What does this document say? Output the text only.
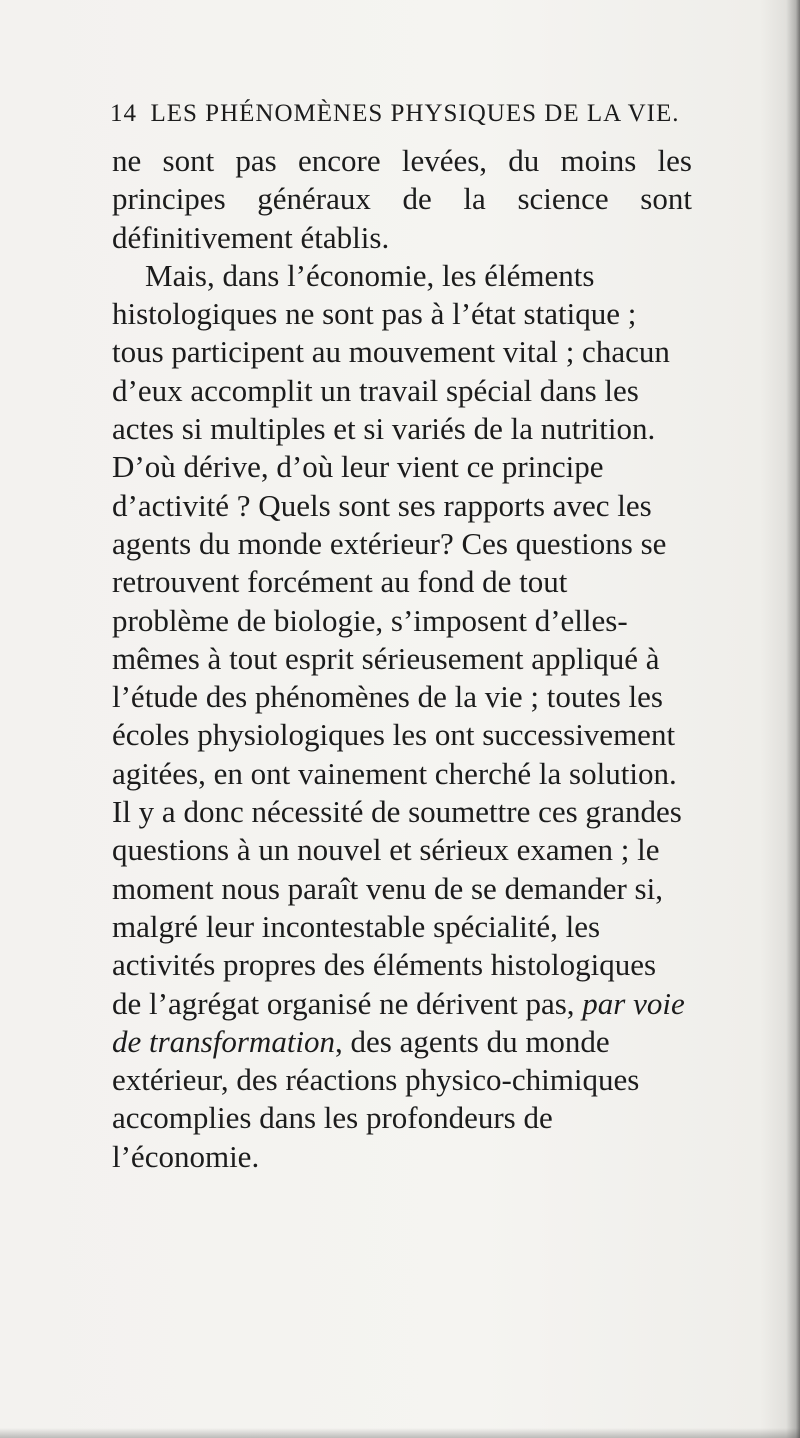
14 LES PHÉNOMÈNES PHYSIQUES DE LA VIE.

ne sont pas encore levées, du moins les principes généraux de la science sont définitivement établis.

Mais, dans l’économie, les éléments histologiques ne sont pas à l’état statique ; tous participent au mouvement vital ; chacun d’eux accomplit un travail spécial dans les actes si multiples et si variés de la nutrition. D’où dérive, d’où leur vient ce principe d’activité ? Quels sont ses rapports avec les agents du monde extérieur? Ces questions se retrouvent forcément au fond de tout problème de biologie, s’imposent d’elles-mêmes à tout esprit sérieusement appliqué à l’étude des phénomènes de la vie ; toutes les écoles physiologiques les ont successivement agitées, en ont vainement cherché la solution. Il y a donc nécessité de soumettre ces grandes questions à un nouvel et sérieux examen ; le moment nous paraît venu de se demander si, malgré leur incontestable spécialité, les activités propres des éléments histologiques de l’agrégat organisé ne dérivent pas, par voie de transformation, des agents du monde extérieur, des réactions physico-chimiques accomplies dans les profondeurs de l’économie.
